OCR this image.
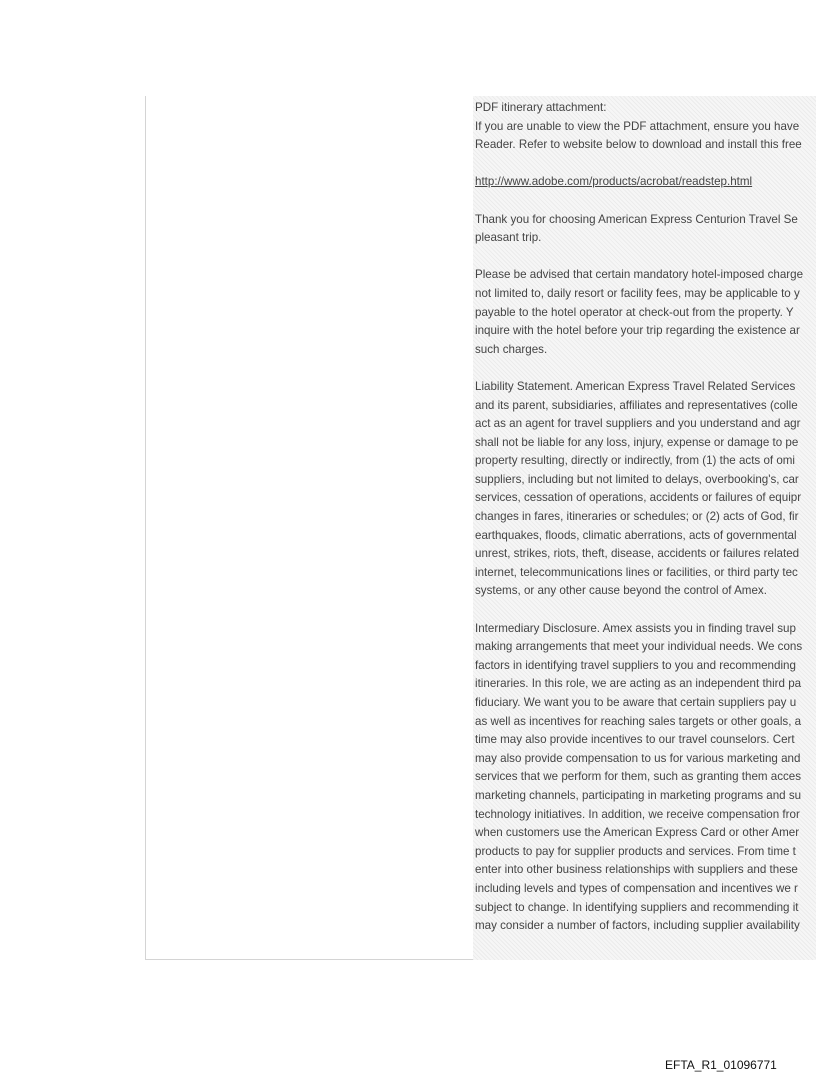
PDF itinerary attachment:
If you are unable to view the PDF attachment, ensure you have
Reader. Refer to website below to download and install this free
http://www.adobe.com/products/acrobat/readstep.html
Thank you for choosing American Express Centurion Travel Se
pleasant trip.
Please be advised that certain mandatory hotel-imposed charge
not limited to, daily resort or facility fees, may be applicable to y
payable to the hotel operator at check-out from the property. Y
inquire with the hotel before your trip regarding the existence ar
such charges.
Liability Statement. American Express Travel Related Services
and its parent, subsidiaries, affiliates and representatives (colle
act as an agent for travel suppliers and you understand and agr
shall not be liable for any loss, injury, expense or damage to pe
property resulting, directly or indirectly, from (1) the acts of omi
suppliers, including but not limited to delays, overbooking's, car
services, cessation of operations, accidents or failures of equipr
changes in fares, itineraries or schedules; or (2) acts of God, fir
earthquakes, floods, climatic aberrations, acts of governmental
unrest, strikes, riots, theft, disease, accidents or failures related
internet, telecommunications lines or facilities, or third party tec
systems, or any other cause beyond the control of Amex.
Intermediary Disclosure. Amex assists you in finding travel sup
making arrangements that meet your individual needs. We cons
factors in identifying travel suppliers to you and recommending
itineraries. In this role, we are acting as an independent third pa
fiduciary. We want you to be aware that certain suppliers pay u
as well as incentives for reaching sales targets or other goals, a
time may also provide incentives to our travel counselors. Cert
may also provide compensation to us for various marketing and
services that we perform for them, such as granting them acces
marketing channels, participating in marketing programs and su
technology initiatives. In addition, we receive compensation fror
when customers use the American Express Card or other Amer
products to pay for supplier products and services. From time t
enter into other business relationships with suppliers and these
including levels and types of compensation and incentives we r
subject to change. In identifying suppliers and recommending it
may consider a number of factors, including supplier availability
EFTA_R1_01096771
